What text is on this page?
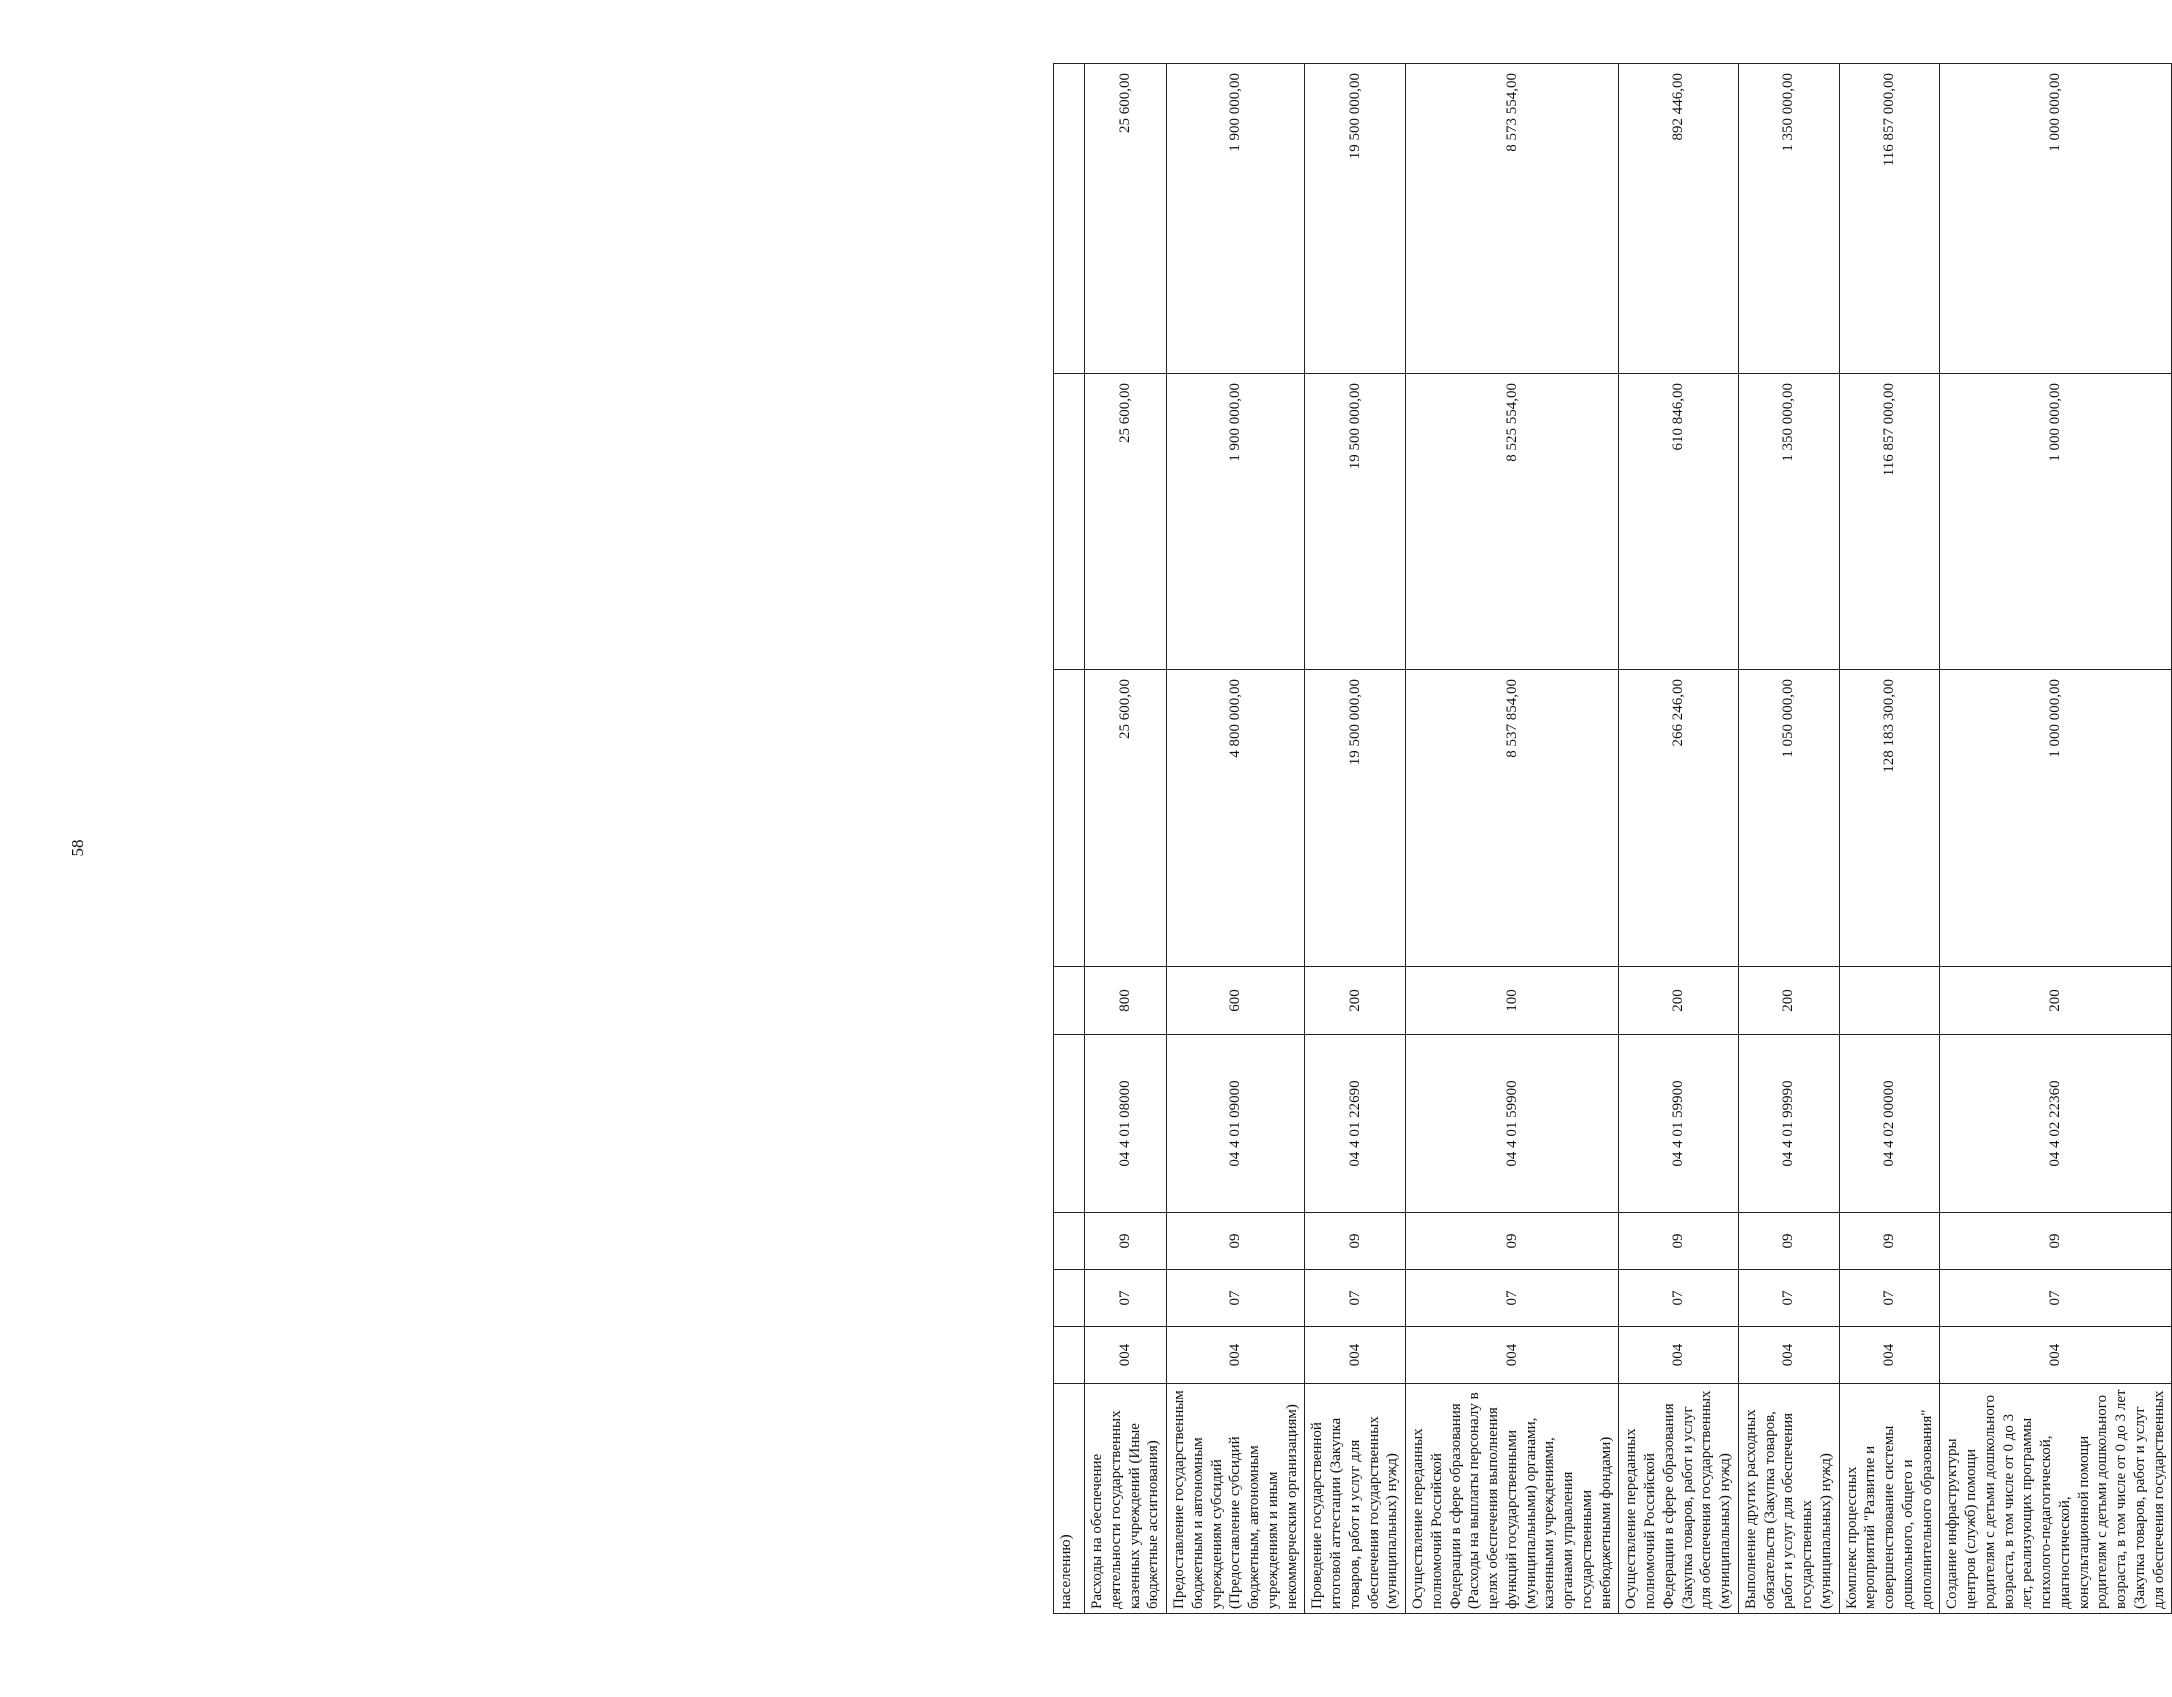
58
населению)								
Расходы на обеспечение деятельности государственных казенных учреждений (Иные бюджетные ассигнования)	004	07	09	04 4 01 08000	800	25 600,00	25 600,00	25 600,00
Предоставление государственным бюджетным и автономным учреждениям субсидий (Предоставление субсидий бюджетным, автономным учреждениям и иным некоммерческим организациям)	004	07	09	04 4 01 09000	600	4 800 000,00	1 900 000,00	1 900 000,00
Проведение государственной итоговой аттестации (Закупка товаров, работ и услуг для обеспечения государственных (муниципальных) нужд)	004	07	09	04 4 01 22690	200	19 500 000,00	19 500 000,00	19 500 000,00
Осуществление переданных полномочий Российской Федерации в сфере образования (Расходы на выплаты персоналу в целях обеспечения выполнения функций государственными (муниципальными) органами, казенными учреждениями, органами управления государственными внебюджетными фондами)	004	07	09	04 4 01 59900	100	8 537 854,00	8 525 554,00	8 573 554,00
Осуществление переданных полномочий Российской Федерации в сфере образования (Закупка товаров, работ и услуг для обеспечения государственных (муниципальных) нужд)	004	07	09	04 4 01 59900	200	266 246,00	610 846,00	892 446,00
Выполнение других расходных обязательств (Закупка товаров, работ и услуг для обеспечения государственных (муниципальных) нужд)	004	07	09	04 4 01 99990	200	1 050 000,00	1 350 000,00	1 350 000,00
Комплекс процессных мероприятий "Развитие и совершенствование системы дошкольного, общего и дополнительного образования"	004	07	09	04 4 02 00000		128 183 300,00	116 857 000,00	116 857 000,00
Создание инфраструктуры центров (служб) помощи родителям с детьми дошкольного возраста, в том числе от 0 до 3 лет, реализующих программы психолого-педагогической, диагностической, консультационной помощи родителям с детьми дошкольного возраста, в том числе от 0 до 3 лет (Закупка товаров, работ и услуг для обеспечения государственных	004	07	09	04 4 02 22360	200	1 000 000,00	1 000 000,00	1 000 000,00
